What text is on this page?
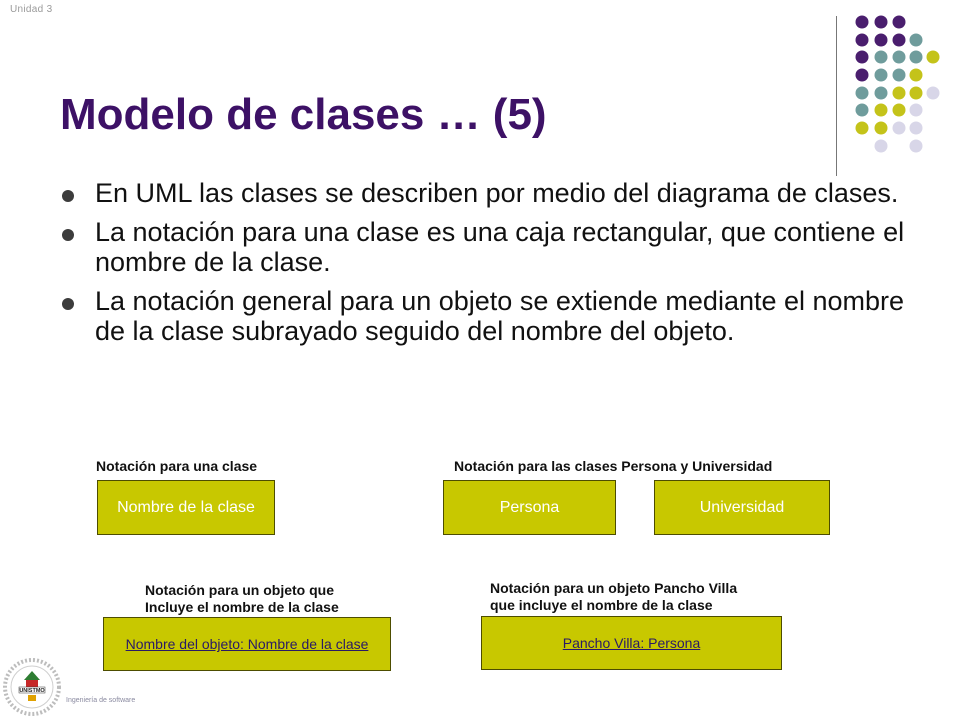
Unidad 3
Modelo de clases … (5)
En UML las clases se describen por medio del diagrama de clases.
La notación para una clase es una caja rectangular, que contiene el nombre de la clase.
La notación general para un objeto se extiende mediante el nombre de la clase subrayado seguido del nombre del objeto.
Notación para una clase
Nombre de la clase
Notación para las clases Persona y Universidad
Persona	Universidad
Notación para un objeto que
Incluye el nombre de la clase
Nombre del objeto: Nombre de la clase
Notación para un objeto Pancho Villa
que incluye el nombre de la clase
Pancho Villa: Persona
UNISTMO
Ingeniería de software
